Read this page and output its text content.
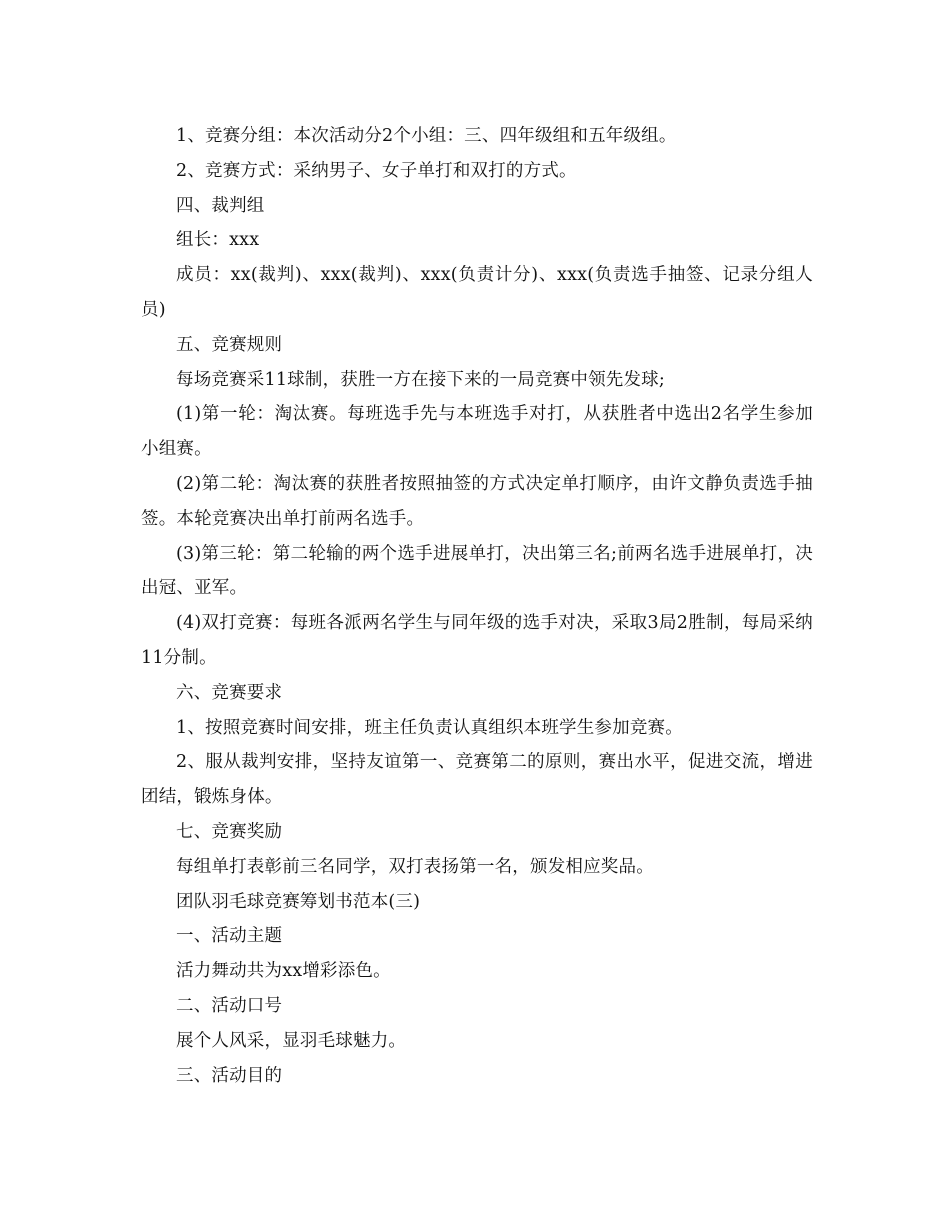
1、竞赛分组：本次活动分2个小组：三、四年级组和五年级组。

2、竞赛方式：采纳男子、女子单打和双打的方式。

四、裁判组

组长：xxx

成员：xx(裁判)、xxx(裁判)、xxx(负责计分)、xxx(负责选手抽签、记录分组人员)

五、竞赛规则

每场竞赛采11球制，获胜一方在接下来的一局竞赛中领先发球;

(1)第一轮：淘汰赛。每班选手先与本班选手对打，从获胜者中选出2名学生参加小组赛。

(2)第二轮：淘汰赛的获胜者按照抽签的方式决定单打顺序，由许文静负责选手抽签。本轮竞赛决出单打前两名选手。

(3)第三轮：第二轮输的两个选手进展单打，决出第三名;前两名选手进展单打，决出冠、亚军。

(4)双打竞赛：每班各派两名学生与同年级的选手对决，采取3局2胜制，每局采纳11分制。

六、竞赛要求

1、按照竞赛时间安排，班主任负责认真组织本班学生参加竞赛。

2、服从裁判安排，坚持友谊第一、竞赛第二的原则，赛出水平，促进交流，增进团结，锻炼身体。

七、竞赛奖励

每组单打表彰前三名同学，双打表扬第一名，颁发相应奖品。

团队羽毛球竞赛筹划书范本(三)

一、活动主题

活力舞动共为xx增彩添色。

二、活动口号

展个人风采，显羽毛球魅力。

三、活动目的
